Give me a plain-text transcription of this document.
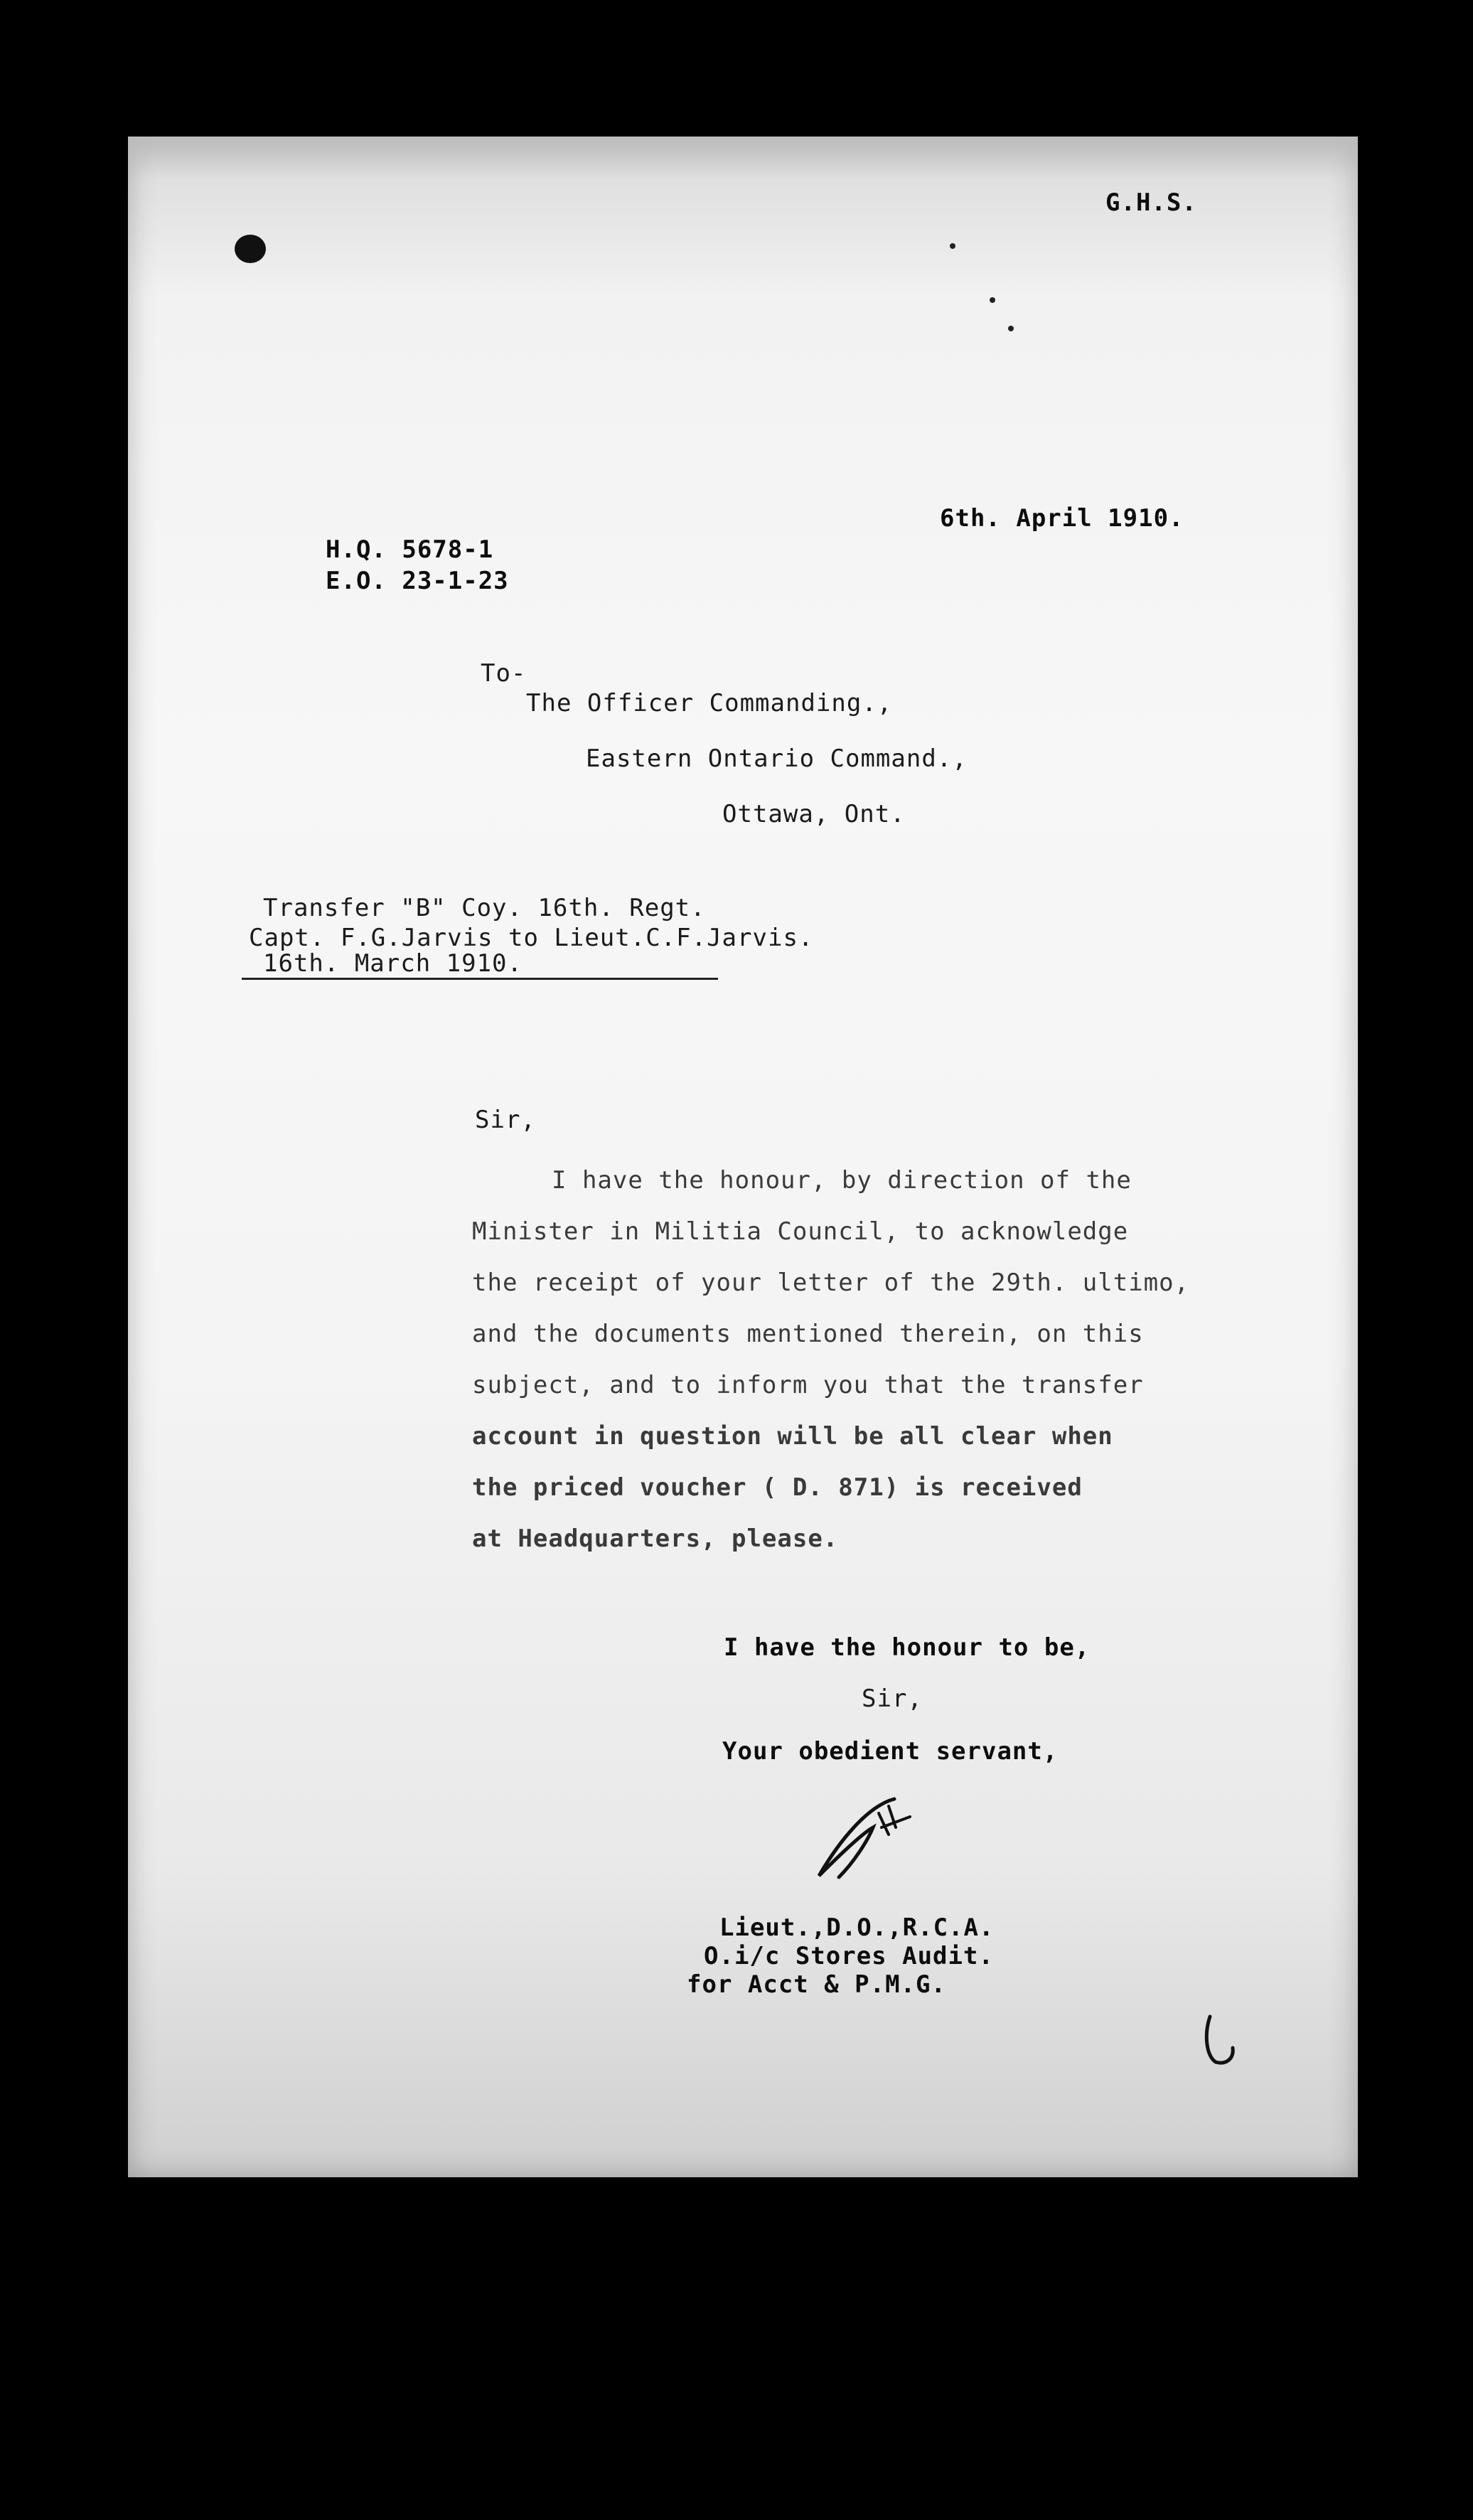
G.H.S.
6th. April 1910.
H.Q. 5678-1
E.O. 23-1-23
To-
The Officer Commanding.,
Eastern Ontario Command.,
Ottawa, Ont.
Transfer "B" Coy. 16th. Regt.
Capt. F.G.Jarvis to Lieut.C.F.Jarvis.
16th. March 1910.
Sir,
I have the honour, by direction of the
Minister in Militia Council, to acknowledge
the receipt of your letter of the 29th. ultimo,
and the documents mentioned therein, on this
subject, and to inform you that the transfer
account in question will be all clear when
the priced voucher ( D. 871) is received
at Headquarters, please.
I have the honour to be,
Sir,
Your obedient servant,
Lieut.,D.O.,R.C.A.
O.i/c Stores Audit.
for Acct & P.M.G.
